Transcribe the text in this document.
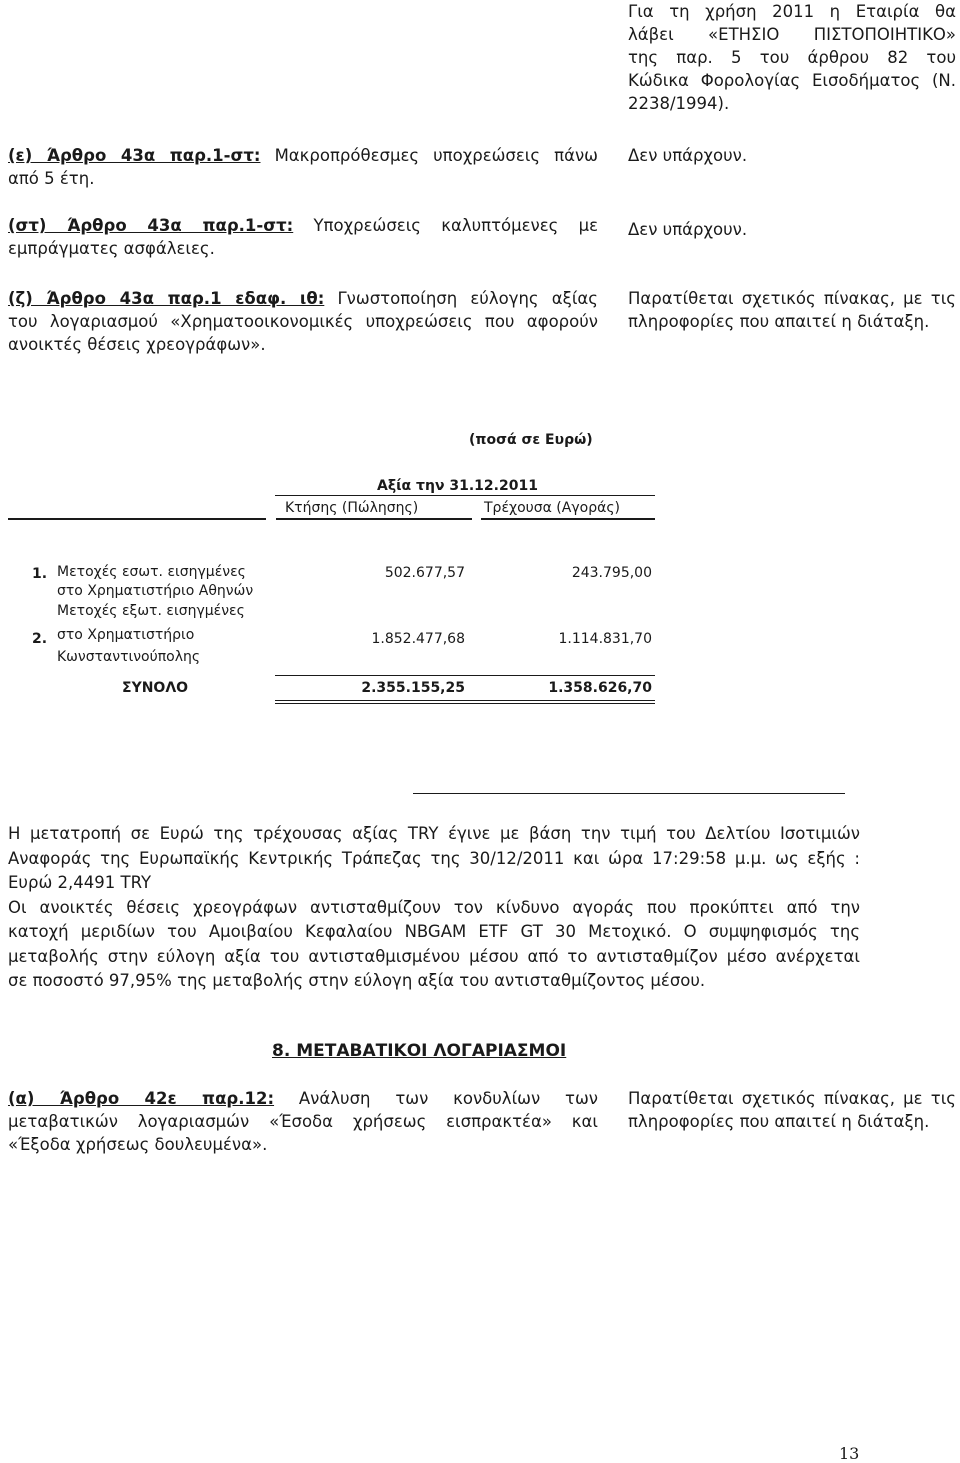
Για τη χρήση 2011 η Εταιρία θα
λάβει «ΕΤΗΣΙΟ ΠΙΣΤΟΠΟΙΗΤΙΚΟ»
της παρ. 5 του άρθρου 82 του
Κώδικα Φορολογίας Εισοδήματος (Ν.
2238/1994).
(ε) Άρθρο 43α παρ.1-στ: Μακροπρόθεσμες υποχρεώσεις πάνω
από 5 έτη.
Δεν υπάρχουν.
(στ) Άρθρο 43α παρ.1-στ: Υποχρεώσεις καλυπτόμενες με
εμπράγματες ασφάλειες.
Δεν υπάρχουν.
(ζ) Άρθρο 43α παρ.1 εδαφ. ιθ: Γνωστοποίηση εύλογης αξίας
του λογαριασμού «Χρηματοοικονομικές υποχρεώσεις που αφορούν
ανοικτές θέσεις χρεογράφων».
Παρατίθεται σχετικός πίνακας, με τις
πληροφορίες που απαιτεί η διάταξη.
(ποσά σε Ευρώ)
Αξία την 31.12.2011
Κτήσης (Πώλησης)	Τρέχουσα (Αγοράς)
1. Μετοχές εσωτ. εισηγμένες
στο Χρηματιστήριο Αθηνών
502.677,57	243.795,00
2.
Μετοχές εξωτ. εισηγμένες
στο Χρηματιστήριο
Κωνσταντινούπολης
1.852.477,68	1.114.831,70
ΣΥΝΟΛΟ	2.355.155,25	1.358.626,70
Η μετατροπή σε Ευρώ της τρέχουσας αξίας TRY έγινε με βάση την τιμή του Δελτίου Ισοτιμιών
Αναφοράς της Ευρωπαϊκής Κεντρικής Τράπεζας της 30/12/2011 και ώρα 17:29:58 μ.μ. ως εξής :
Ευρώ 2,4491 TRY
Οι ανοικτές θέσεις χρεογράφων αντισταθμίζουν τον κίνδυνο αγοράς που προκύπτει από την
κατοχή μεριδίων του Αμοιβαίου Κεφαλαίου NBGAM ETF GT 30 Μετοχικό. Ο συμψηφισμός της
μεταβολής στην εύλογη αξία του αντισταθμισμένου μέσου από το αντισταθμίζον μέσο ανέρχεται
σε ποσοστό 97,95% της μεταβολής στην εύλογη αξία του αντισταθμίζοντος μέσου.
8. ΜΕΤΑΒΑΤΙΚΟΙ ΛΟΓΑΡΙΑΣΜΟΙ
(α) Άρθρο 42ε παρ.12: Ανάλυση των κονδυλίων των
μεταβατικών λογαριασμών «Έσοδα χρήσεως εισπρακτέα» και
«Έξοδα χρήσεως δουλευμένα».
Παρατίθεται σχετικός πίνακας, με τις
πληροφορίες που απαιτεί η διάταξη.
13
